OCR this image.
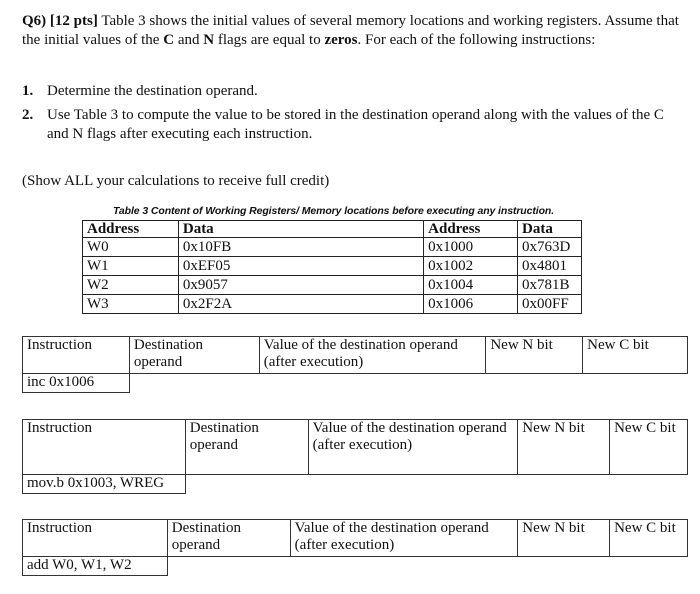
Q6) [12 pts] Table 3 shows the initial values of several memory locations and working registers. Assume that the initial values of the C and N flags are equal to zeros. For each of the following instructions:
1. Determine the destination operand.
2. Use Table 3 to compute the value to be stored in the destination operand along with the values of the C and N flags after executing each instruction.
(Show ALL your calculations to receive full credit)
Table 3 Content of Working Registers/ Memory locations before executing any instruction.
Address	Data	Address	Data
W0	0x10FB	0x1000	0x763D
W1	0xEF05	0x1002	0x4801
W2	0x9057	0x1004	0x781B
W3	0x2F2A	0x1006	0x00FF
Instruction	Destination operand	Value of the destination operand (after execution)	New N bit	New C bit
inc 0x1006				
Instruction	Destination operand	Value of the destination operand (after execution)	New N bit	New C bit
mov.b 0x1003, WREG				
Instruction	Destination operand	Value of the destination operand (after execution)	New N bit	New C bit
add W0, W1, W2				
